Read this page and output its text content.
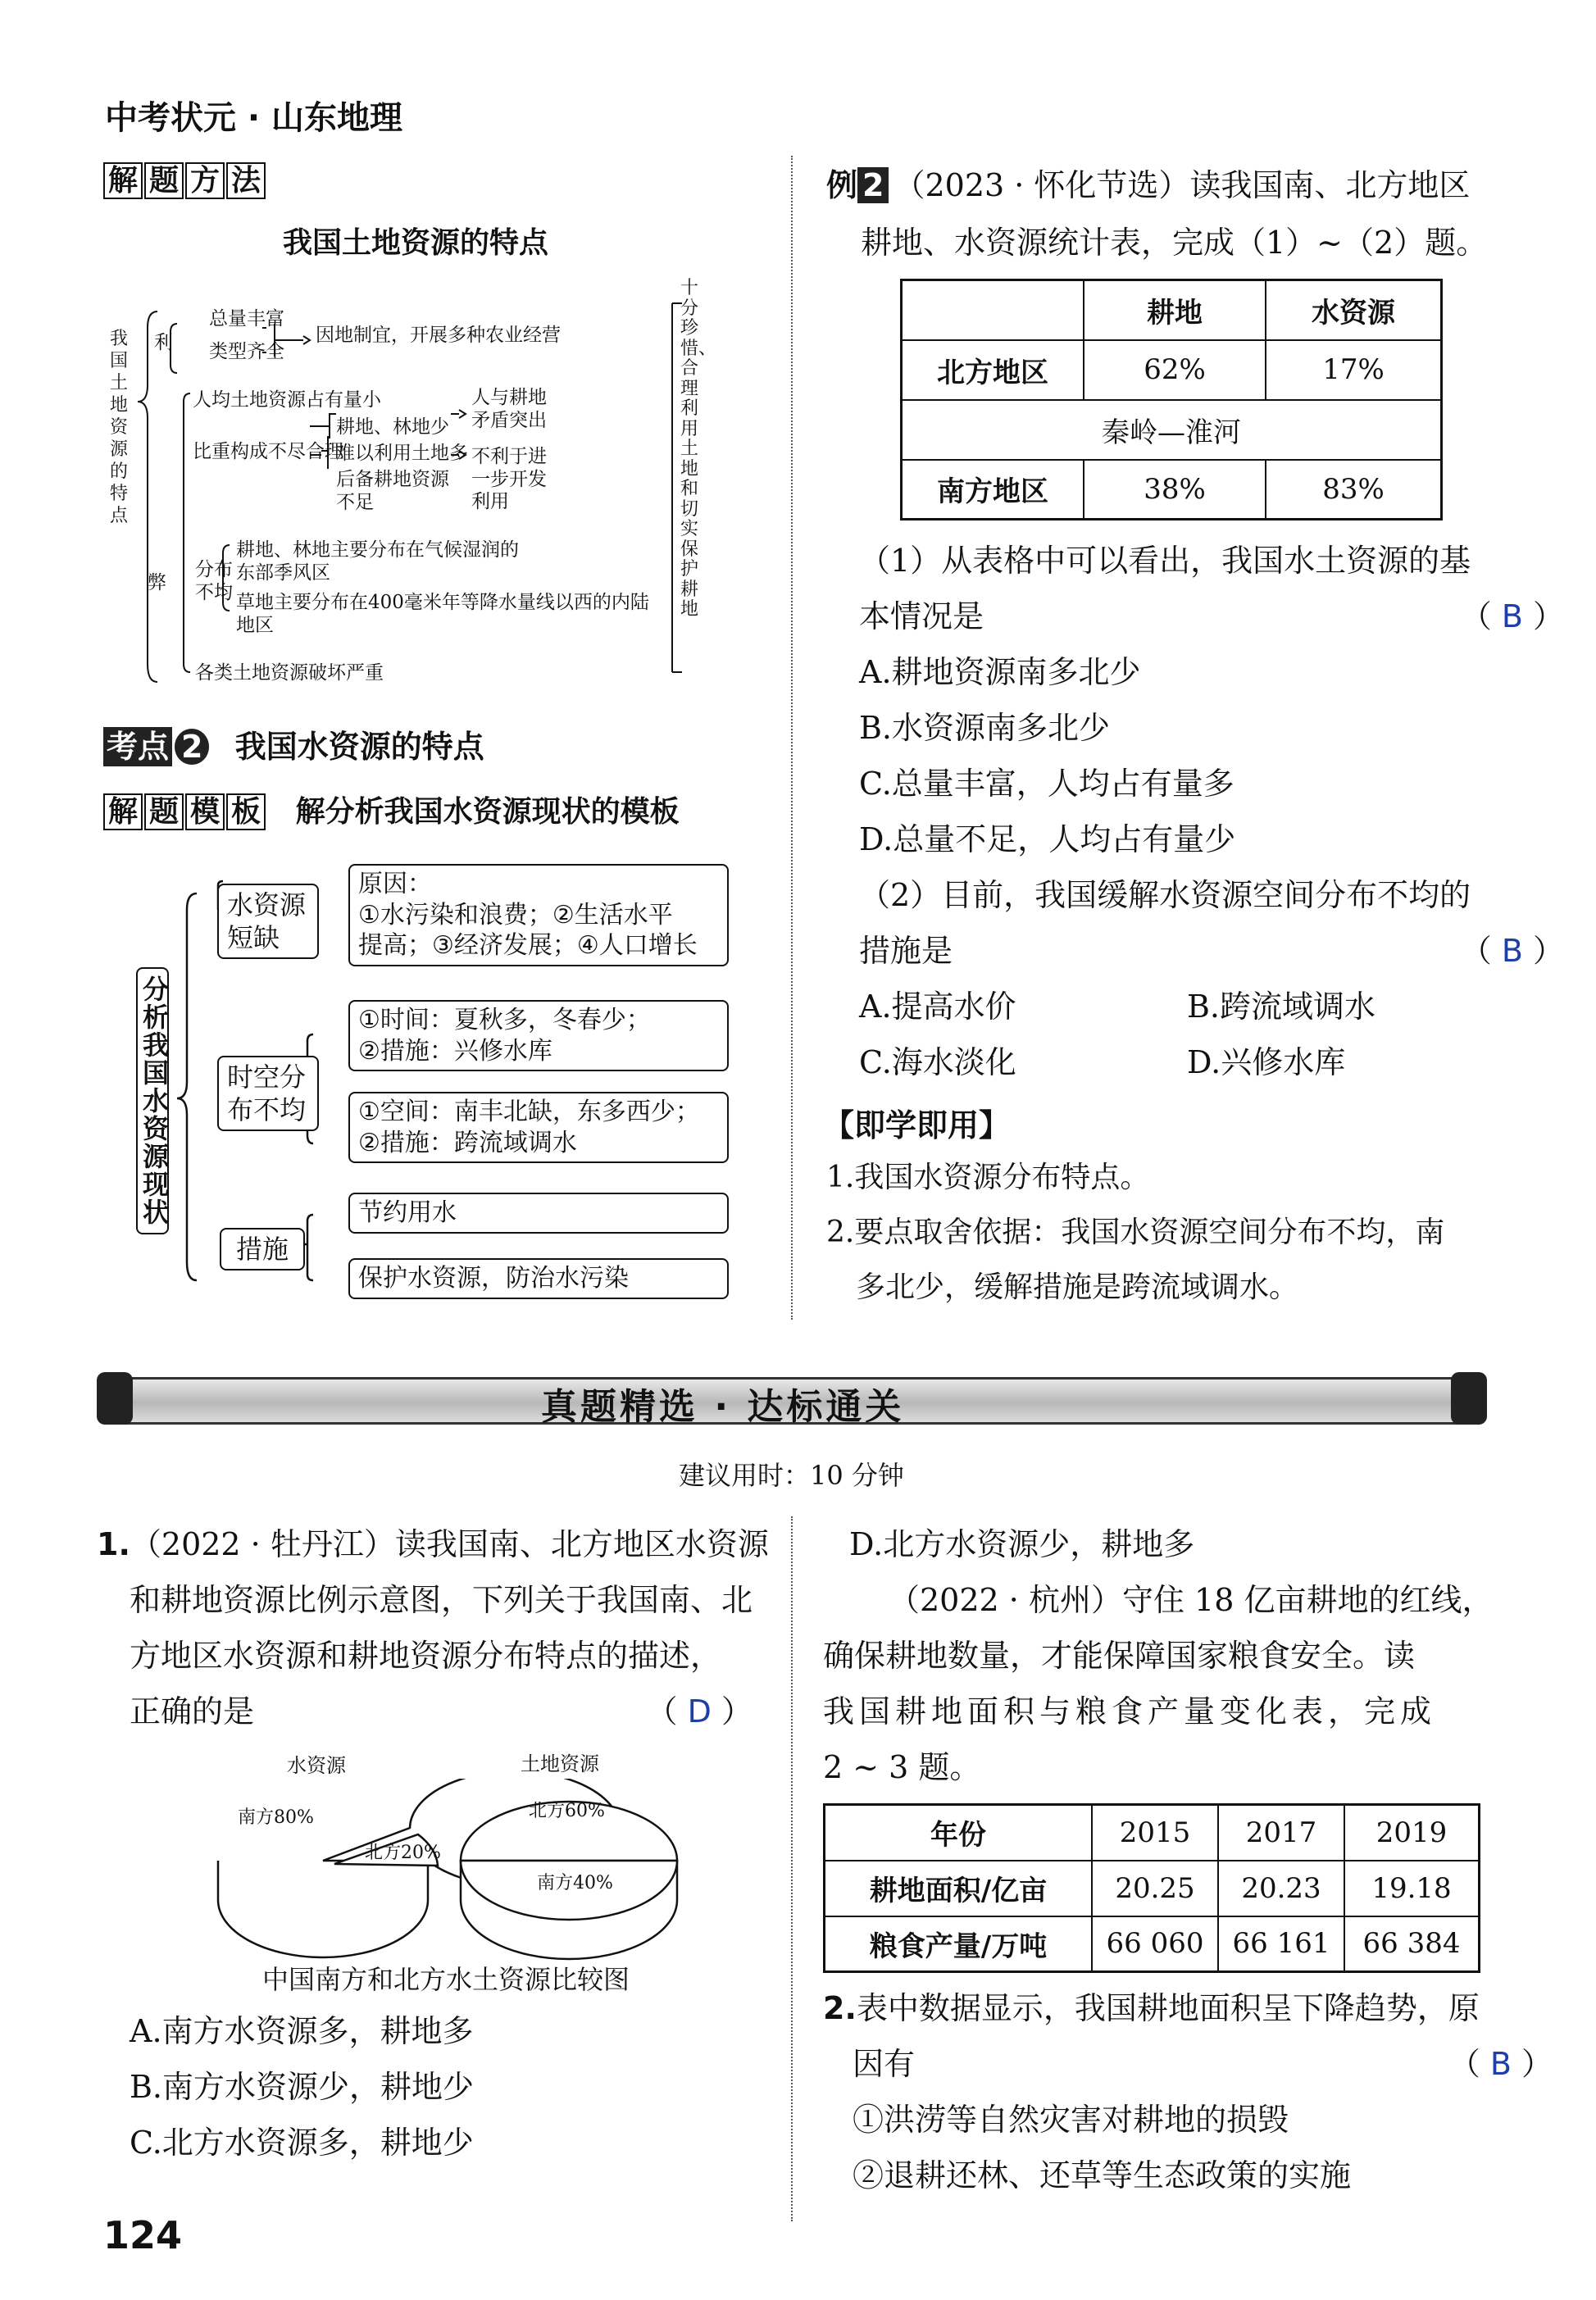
中考状元 · 山东地理
解 题 方 法
我国土地资源的特点
我国土地资源的特点
利
总量丰富
类型齐全
因地制宜，开展多种农业经营
弊
人均土地资源占有量小
比重构成不尽合理
耕地、林地少
难以利用土地多
后备耕地资源不足
人与耕地
矛盾突出
不利于进
一步开发
利用
分布
不均
耕地、林地主要分布在气候湿润的东部季风区
草地主要分布在400毫米年等降水量线以西的内陆地区
各类土地资源破坏严重
十分珍惜、合理利用土地和切实保护耕地
考点 2 我国水资源的特点
解 题 模 板 解分析我国水资源现状的模板
分析我国水资源现状
水资源短缺
原因：
①水污染和浪费；②生活水平
提高；③经济发展；④人口增长
时空分布不均
①时间：夏秋多，冬春少；
②措施：兴修水库
①空间：南丰北缺，东多西少；
②措施：跨流域调水
措施
节约用水
保护水资源，防治水污染
例 2 （2023 · 怀化节选）读我国南、北方地区
耕地、水资源统计表，完成（1）~（2）题。
	耕地	水资源
北方地区	62%	17%
秦岭—淮河		
南方地区	38%	83%
（1）从表格中可以看出，我国水土资源的基
本情况是	（ B ）
A.耕地资源南多北少
B.水资源南多北少
C.总量丰富，人均占有量多
D.总量不足，人均占有量少
（2）目前，我国缓解水资源空间分布不均的
措施是	（ B ）
A.提高水价	B.跨流域调水
C.海水淡化	D.兴修水库
【即学即用】
1.我国水资源分布特点。
2.要点取舍依据：我国水资源空间分布不均，南
多北少，缓解措施是跨流域调水。
真题精选 · 达标通关
建议用时：10 分钟
1.（2022 · 牡丹江）读我国南、北方地区水资源
和耕地资源比例示意图，下列关于我国南、北
方地区水资源和耕地资源分布特点的描述，
正确的是	（ D ）
水资源	土地资源
南方80%
北方20%
北方60%
南方40%
中国南方和北方水土资源比较图
A.南方水资源多，耕地多
B.南方水资源少，耕地少
C.北方水资源多，耕地少
D.北方水资源少，耕地多
（2022 · 杭州）守住 18 亿亩耕地的红线，
确保耕地数量，才能保障国家粮食安全。读
我国耕地面积与粮食产量变化表，完成
2 ~ 3 题。
年份	2015	2017	2019
耕地面积/亿亩	20.25	20.23	19.18
粮食产量/万吨	66 060	66 161	66 384
2.表中数据显示，我国耕地面积呈下降趋势，原
因有	（ B ）
①洪涝等自然灾害对耕地的损毁
②退耕还林、还草等生态政策的实施
124
